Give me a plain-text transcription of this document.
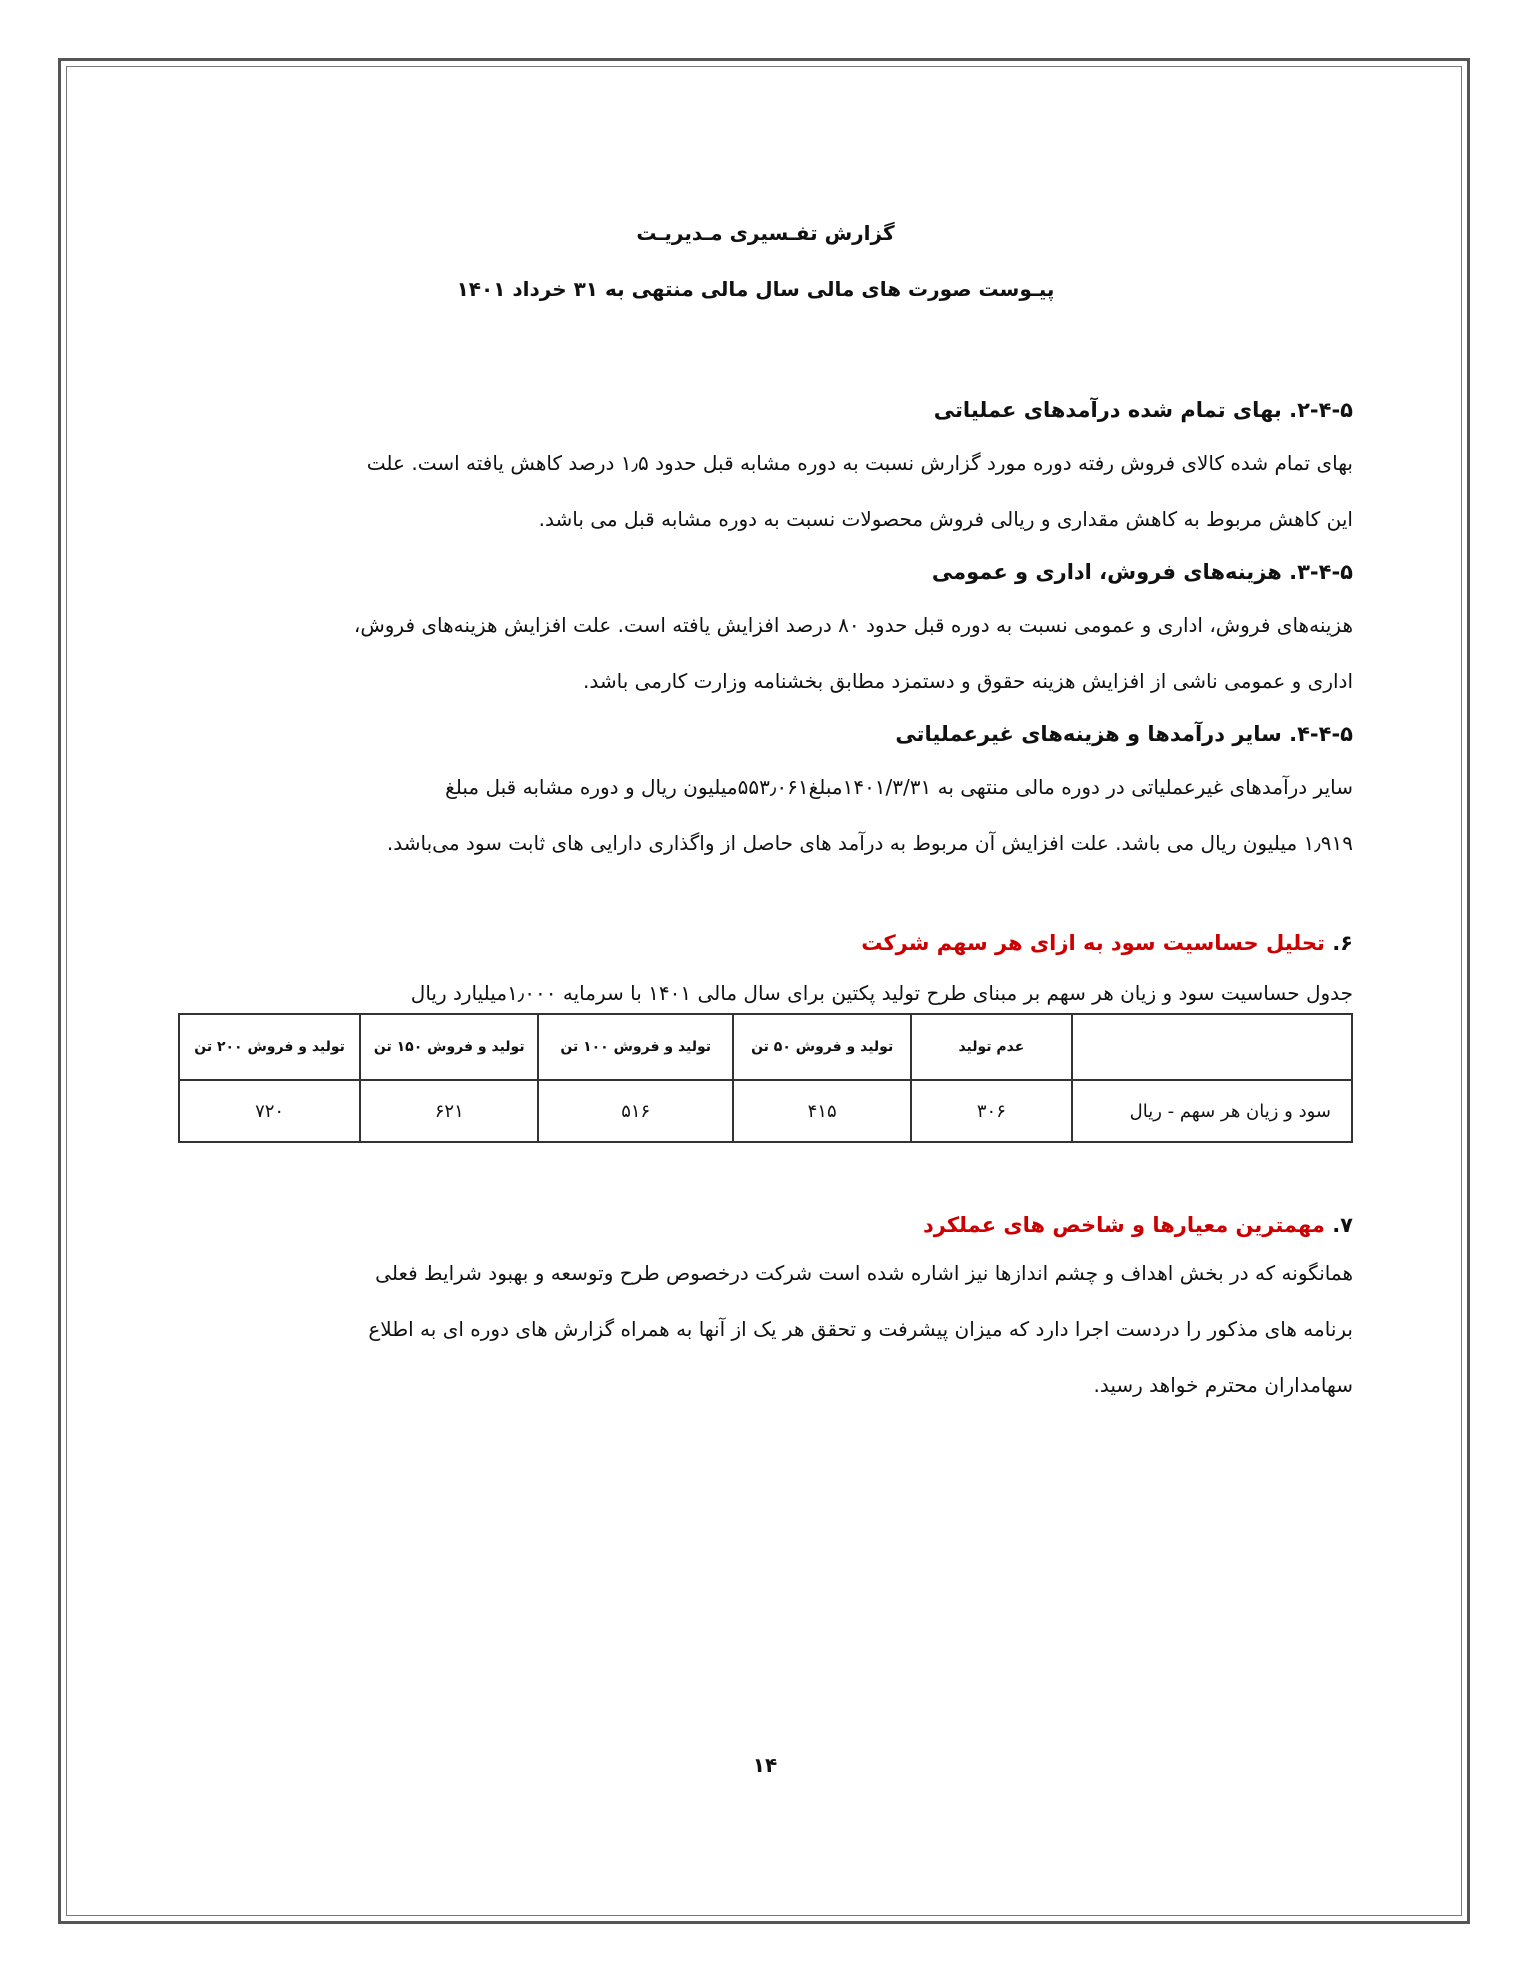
گزارش تفـسیری مـدیریـت
پیـوست صورت های مالی سال مالی منتهی به ۳۱ خرداد ۱۴۰۱
۲-۴-۵. بهای تمام شده درآمدهای عملیاتی
بهای تمام شده کالای فروش رفته دوره مورد گزارش نسبت به دوره مشابه قبل حدود ۱٫۵ درصد کاهش یافته است. علت
این کاهش مربوط به کاهش مقداری و ریالی فروش محصولات نسبت به دوره مشابه قبل می باشد.
۳-۴-۵. هزینه‌های فروش، اداری و عمومی
هزینه‌های فروش، اداری و عمومی نسبت به دوره قبل حدود ۸۰ درصد افزایش یافته است. علت افزایش هزینه‌های فروش،
اداری و عمومی ناشی از افزایش هزینه حقوق و دستمزد مطابق بخشنامه وزارت کارمی باشد.
۴-۴-۵. سایر درآمدها و هزینه‌های غیرعملیاتی
سایر درآمدهای غیرعملیاتی در دوره مالی منتهی به ۱۴۰۱/۳/۳۱مبلغ۵۵۳٫۰۶۱میلیون ریال و دوره مشابه قبل مبلغ
۱٫۹۱۹ میلیون ریال می باشد. علت افزایش آن مربوط به درآمد های حاصل از واگذاری دارایی های ثابت سود می‌باشد.
۶. تحلیل حساسیت سود به ازای هر سهم شرکت
جدول حساسیت سود و زیان هر سهم بر مبنای طرح تولید پکتین برای سال مالی ۱۴۰۱ با سرمایه ۱٫۰۰۰میلیارد ریال
	عدم تولید	تولید و فروش ۵۰ تن	تولید و فروش ۱۰۰ تن	تولید و فروش ۱۵۰ تن	تولید و فروش ۲۰۰ تن
سود و زیان هر سهم - ریال	۳۰۶	۴۱۵	۵۱۶	۶۲۱	۷۲۰
۷. مهمترین معیارها و شاخص های عملکرد
همانگونه که در بخش اهداف و چشم اندازها نیز اشاره شده است شرکت درخصوص طرح وتوسعه و بهبود شرایط فعلی
برنامه های مذکور را دردست اجرا دارد که میزان پیشرفت و تحقق هر یک از آنها به همراه گزارش های دوره ای به اطلاع
سهامداران محترم خواهد رسید.
۱۴
